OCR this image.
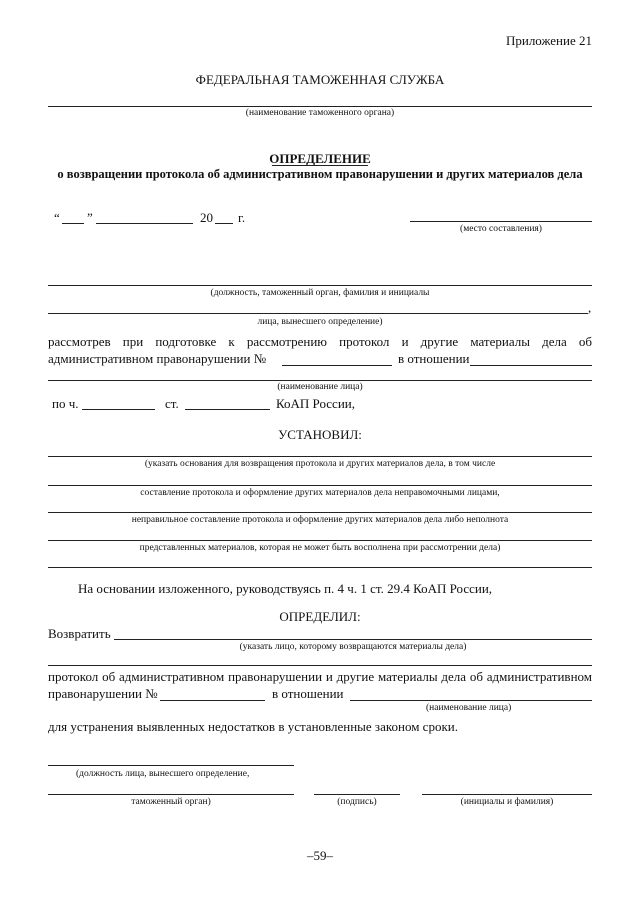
Приложение 21
ФЕДЕРАЛЬНАЯ ТАМОЖЕННАЯ СЛУЖБА
(наименование таможенного органа)
ОПРЕДЕЛЕНИЕ
о возвращении протокола об административном правонарушении и других материалов дела
“ ”	20 г.
(место составления)
(должность, таможенный орган, фамилия и инициалы
,
лица, вынесшего определение)
рассмотрев при подготовке к рассмотрению протокол и другие материалы дела об
административном правонарушении №	в отношении
(наименование лица)
по ч.	ст.	КоАП России,
УСТАНОВИЛ:
(указать основания для возвращения протокола и других материалов дела, в том числе
составление протокола и оформление других материалов дела неправомочными лицами,
неправильное составление протокола и оформление других материалов дела либо неполнота
представленных материалов, которая не может быть восполнена при рассмотрении дела)
На основании изложенного, руководствуясь п. 4 ч. 1 ст. 29.4 КоАП России,
ОПРЕДЕЛИЛ:
Возвратить
(указать лицо, которому возвращаются материалы дела)
протокол об административном правонарушении и другие материалы дела об административном
правонарушении №	в отношении
(наименование лица)
для устранения выявленных недостатков в установленные законом сроки.
(должность лица, вынесшего определение,
таможенный орган)	(подпись)	(инициалы и фамилия)
–59–
